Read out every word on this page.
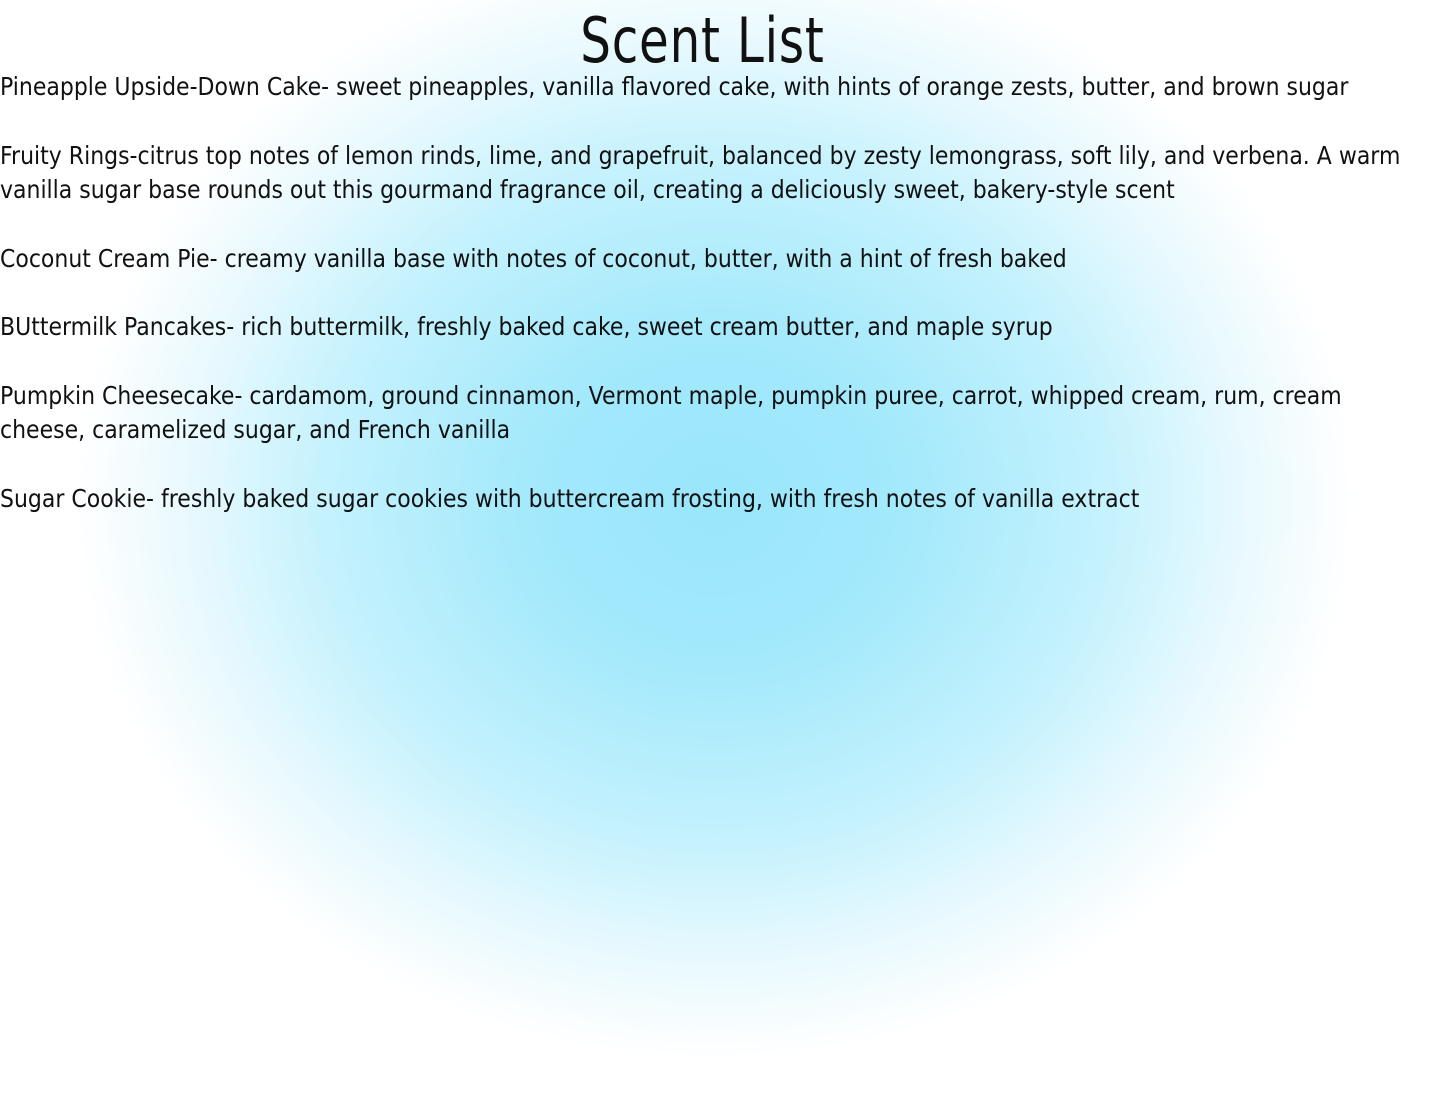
Scent List
Pineapple Upside-Down Cake- sweet pineapples, vanilla flavored cake, with hints of orange zests, butter, and brown sugar
Fruity Rings-citrus top notes of lemon rinds, lime, and grapefruit, balanced by zesty lemongrass, soft lily, and verbena. A warm vanilla sugar base rounds out this gourmand fragrance oil, creating a deliciously sweet, bakery-style scent
Coconut Cream Pie- creamy vanilla base with notes of coconut, butter, with a hint of fresh baked
BUttermilk Pancakes- rich buttermilk, freshly baked cake, sweet cream butter, and maple syrup
Pumpkin Cheesecake- cardamom, ground cinnamon, Vermont maple, pumpkin puree, carrot, whipped cream, rum, cream cheese, caramelized sugar, and French vanilla
Sugar Cookie- freshly baked sugar cookies with buttercream frosting, with fresh notes of vanilla extract
